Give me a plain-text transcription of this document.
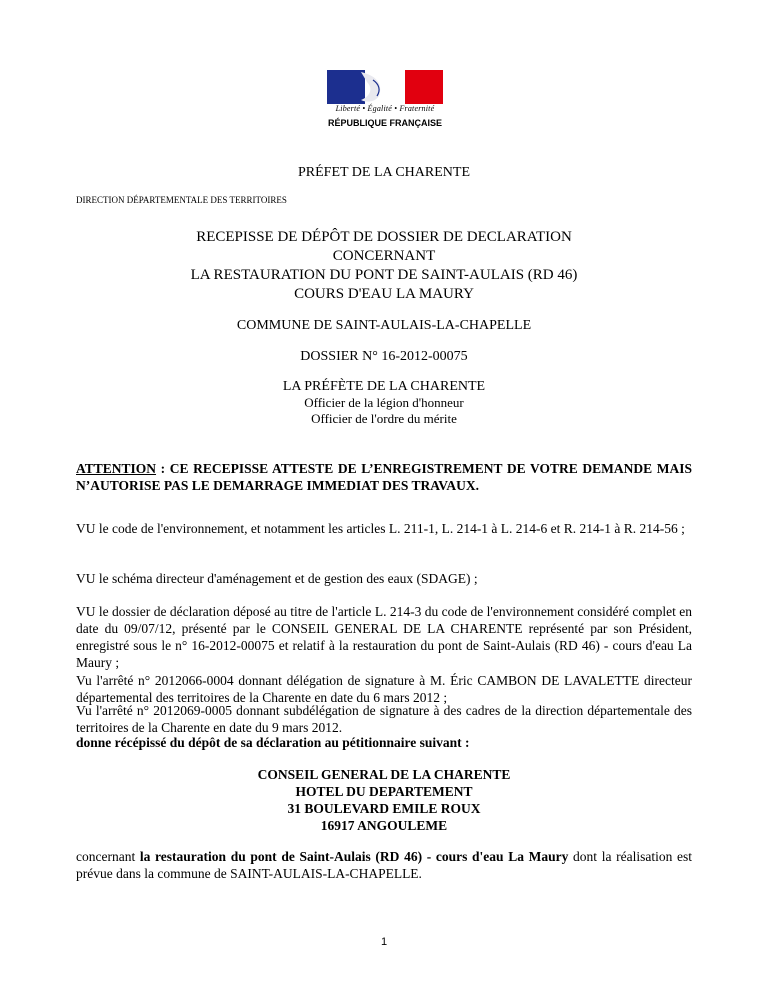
Liberté • Égalité • Fraternité
RÉPUBLIQUE FRANÇAISE
PRÉFET DE LA CHARENTE
DIRECTION DÉPARTEMENTALE DES TERRITOIRES
RECEPISSE DE DÉPÔT DE DOSSIER DE DECLARATION
CONCERNANT
LA RESTAURATION DU PONT DE SAINT-AULAIS (RD 46)
COURS D'EAU LA MAURY
COMMUNE DE SAINT-AULAIS-LA-CHAPELLE
DOSSIER N° 16-2012-00075
LA PRÉFÈTE DE LA CHARENTE
Officier de la légion d'honneur
Officier de l'ordre du mérite
ATTENTION : CE RECEPISSE ATTESTE DE L’ENREGISTREMENT DE VOTRE DEMANDE MAIS N’AUTORISE PAS LE DEMARRAGE IMMEDIAT DES TRAVAUX.
VU le code de l'environnement, et notamment les articles L. 211-1, L. 214-1 à L. 214-6 et R. 214-1 à R. 214-56 ;
VU le schéma directeur d'aménagement et de gestion des eaux (SDAGE) ;
VU le dossier de déclaration déposé au titre de l'article L. 214-3 du code de l'environnement considéré complet en date du 09/07/12, présenté par le CONSEIL GENERAL DE LA CHARENTE représenté par son Président, enregistré sous le n° 16-2012-00075 et relatif à la restauration du pont de Saint-Aulais (RD 46) - cours d'eau La Maury ;
Vu l'arrêté n° 2012066-0004 donnant délégation de signature à M. Éric CAMBON DE LAVALETTE directeur départemental des territoires de la Charente en date du 6 mars 2012 ;
Vu l'arrêté n° 2012069-0005 donnant subdélégation de signature à des cadres de la direction départementale des territoires de la Charente en date du 9 mars 2012.
donne récépissé du dépôt de sa déclaration au pétitionnaire suivant :
CONSEIL GENERAL DE LA CHARENTE
HOTEL DU DEPARTEMENT
31 BOULEVARD EMILE ROUX
16917 ANGOULEME
concernant la restauration du pont de Saint-Aulais (RD 46) - cours d'eau La Maury dont la réalisation est prévue dans la commune de SAINT-AULAIS-LA-CHAPELLE.
1
